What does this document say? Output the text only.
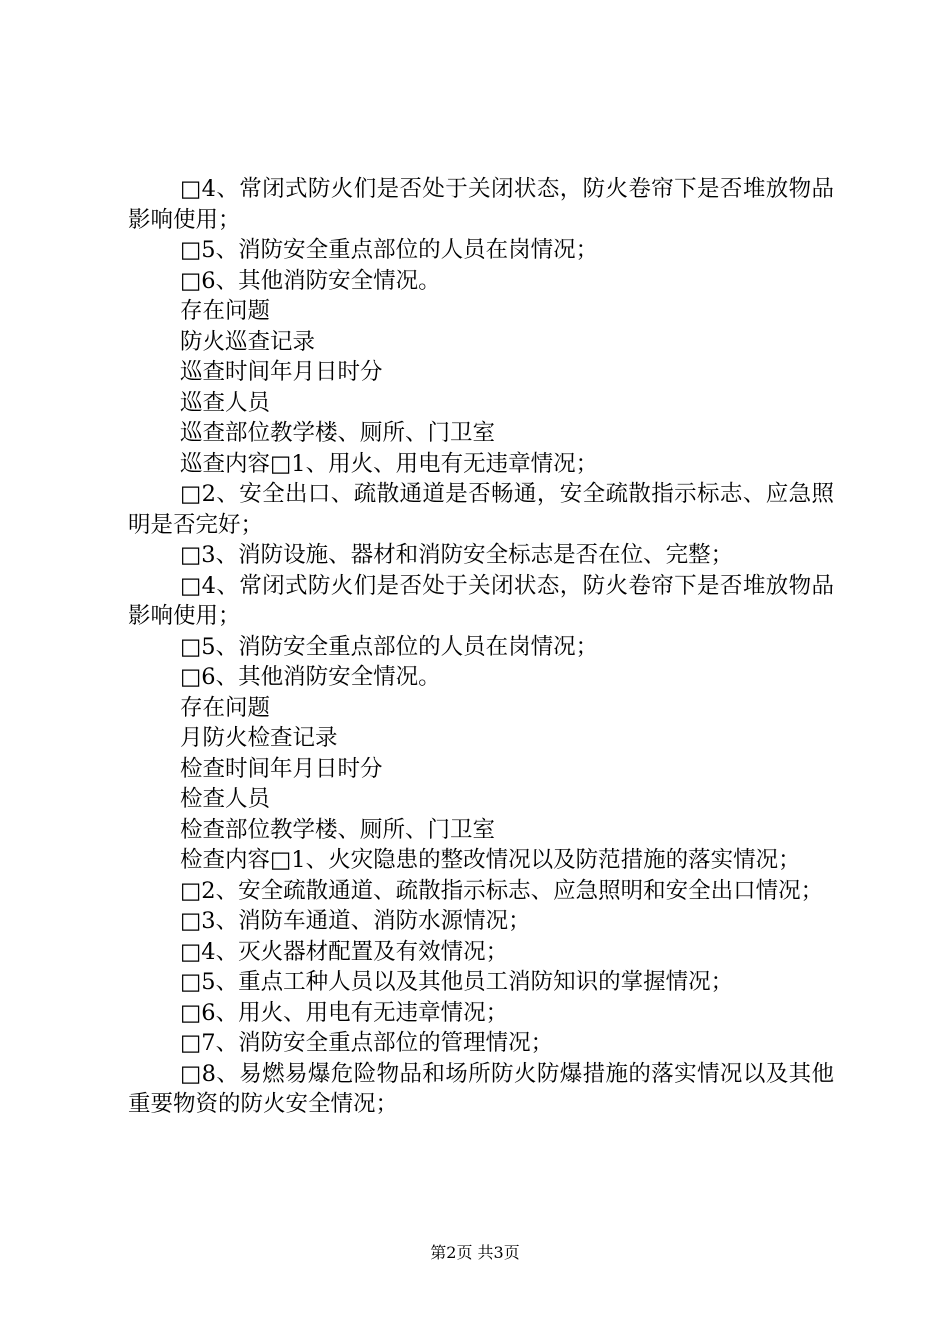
□4、常闭式防火们是否处于关闭状态，防火卷帘下是否堆放物品影响使用；

□5、消防安全重点部位的人员在岗情况；

□6、其他消防安全情况。

存在问题

防火巡查记录

巡查时间年月日时分

巡查人员

巡查部位教学楼、厕所、门卫室

巡查内容□1、用火、用电有无违章情况；

□2、安全出口、疏散通道是否畅通，安全疏散指示标志、应急照明是否完好；

□3、消防设施、器材和消防安全标志是否在位、完整；

□4、常闭式防火们是否处于关闭状态，防火卷帘下是否堆放物品影响使用；

□5、消防安全重点部位的人员在岗情况；

□6、其他消防安全情况。

存在问题

月防火检查记录

检查时间年月日时分

检查人员

检查部位教学楼、厕所、门卫室

检查内容□1、火灾隐患的整改情况以及防范措施的落实情况；

□2、安全疏散通道、疏散指示标志、应急照明和安全出口情况；

□3、消防车通道、消防水源情况；

□4、灭火器材配置及有效情况；

□5、重点工种人员以及其他员工消防知识的掌握情况；

□6、用火、用电有无违章情况；

□7、消防安全重点部位的管理情况；

□8、易燃易爆危险物品和场所防火防爆措施的落实情况以及其他重要物资的防火安全情况；

第2页 共3页
